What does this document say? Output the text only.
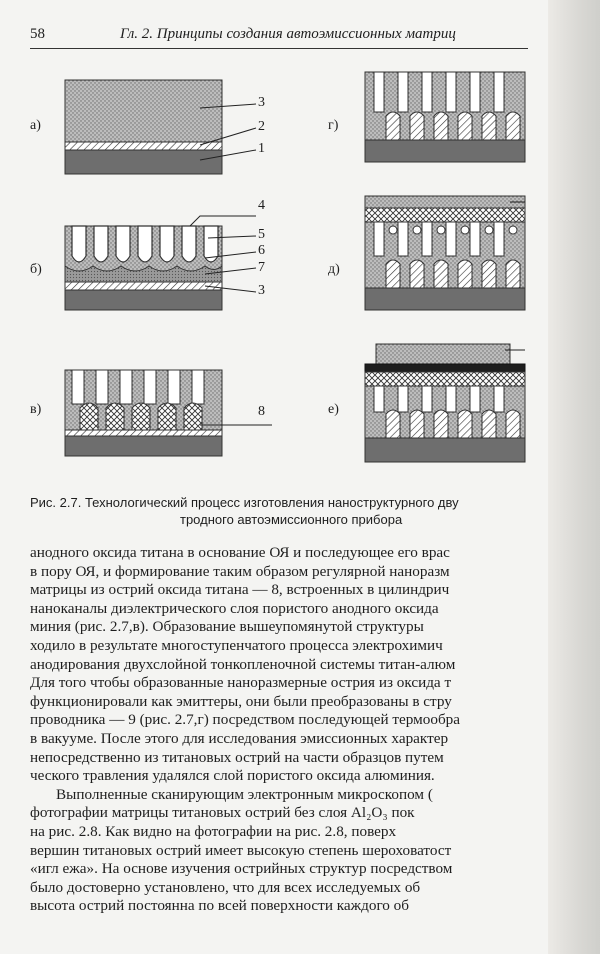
58	Гл. 2. Принципы создания автоэмиссионных матриц
а)
б)
в)
г)
д)
е)
3
2
1
4
5
6
7
3
8
Рис. 2.7. Технологический процесс изготовления наноструктурного дву
тродного автоэмиссионного прибора
анодного оксида титана в основание ОЯ и последующее его врас
в пору ОЯ, и формирование таким образом регулярной наноразм
матрицы из острий оксида титана — 8, встроенных в цилиндрич
наноканалы диэлектрического слоя пористого анодного оксида
миния (рис. 2.7,в). Образование вышеупомянутой структуры
ходило в результате многоступенчатого процесса электрохимич
анодирования двухслойной тонкопленочной системы титан-алюм
Для того чтобы образованные наноразмерные острия из оксида т
функционировали как эмиттеры, они были преобразованы в стру
проводника — 9 (рис. 2.7,г) посредством последующей термообра
в вакууме. После этого для исследования эмиссионных характер
непосредственно из титановых острий на части образцов путем
ческого травления удалялся слой пористого оксида алюминия.
Выполненные сканирующим электронным микроскопом (
фотографии матрицы титановых острий без слоя Al₂O₃ пок
на рис. 2.8. Как видно на фотографии на рис. 2.8, поверх
вершин титановых острий имеет высокую степень шероховатост
«игл ежа». На основе изучения острийных структур посредством
было достоверно установлено, что для всех исследуемых об
высота острий постоянна по всей поверхности каждого об
